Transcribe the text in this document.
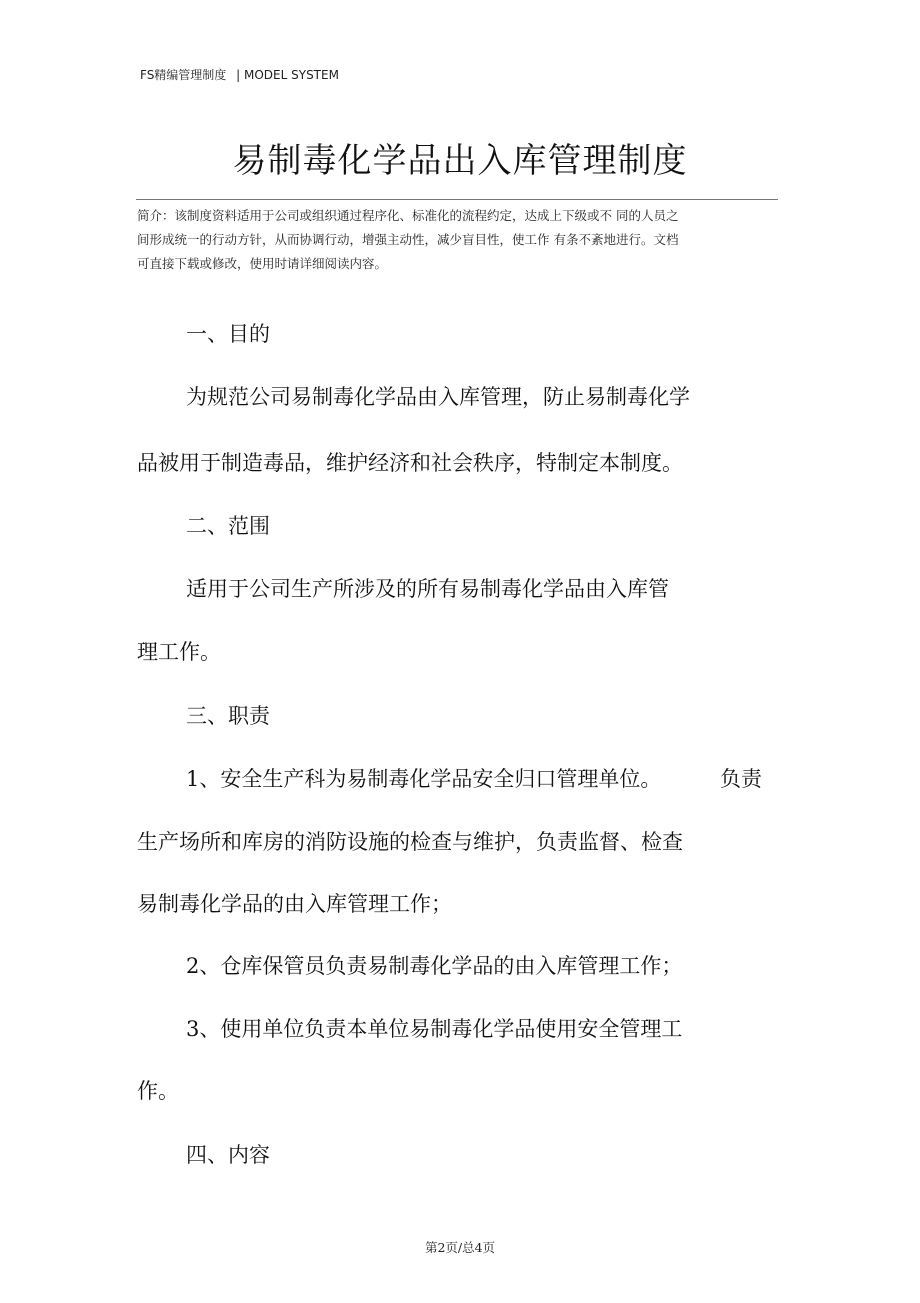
FS精编管理制度 | MODEL SYSTEM
易制毒化学品出入库管理制度
简介：该制度资料适用于公司或组织通过程序化、标准化的流程约定，达成上下级或不 同的人员之
间形成统一的行动方针，从而协调行动，增强主动性，减少盲目性，使工作 有条不紊地进行。文档
可直接下载或修改，使用时请详细阅读内容。
一、目的
为规范公司易制毒化学品由入库管理，防止易制毒化学
品被用于制造毒品，维护经济和社会秩序，特制定本制度。
二、范围
适用于公司生产所涉及的所有易制毒化学品由入库管
理工作。
三、职责
1、安全生产科为易制毒化学品安全归口管理单位。	负责
生产场所和库房的消防设施的检查与维护，负责监督、检查
易制毒化学品的由入库管理工作；
2、仓库保管员负责易制毒化学品的由入库管理工作；
3、使用单位负责本单位易制毒化学品使用安全管理工
作。
四、内容
第2页/总4页
